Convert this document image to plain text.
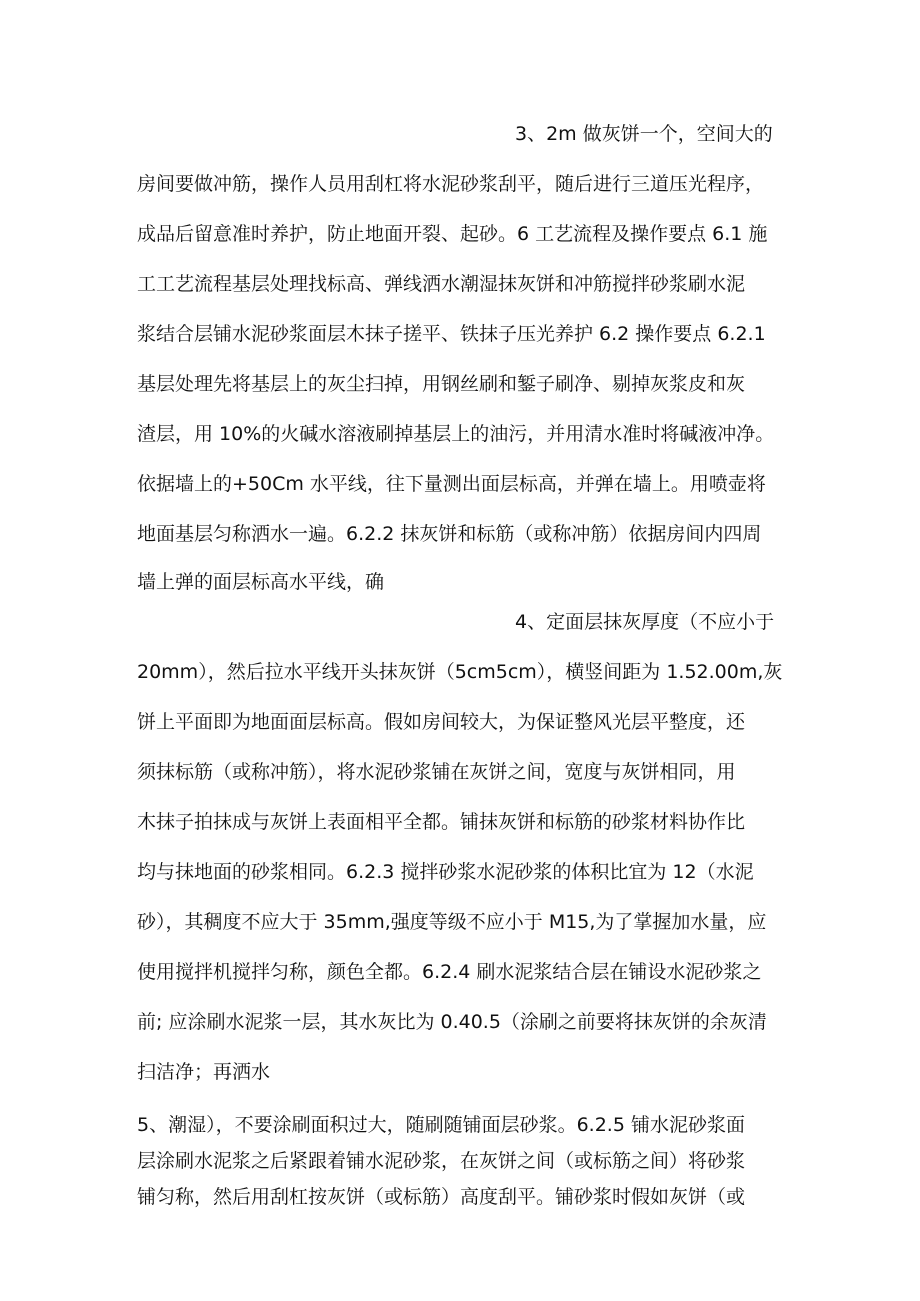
3、2m 做灰饼一个，空间大的
房间要做冲筋，操作人员用刮杠将水泥砂浆刮平，随后进行三道压光程序，
成品后留意准时养护，防止地面开裂、起砂。6 工艺流程及操作要点 6.1 施
工工艺流程基层处理找标高、弹线洒水潮湿抹灰饼和冲筋搅拌砂浆刷水泥
浆结合层铺水泥砂浆面层木抹子搓平、铁抹子压光养护 6.2 操作要点 6.2.1
基层处理先将基层上的灰尘扫掉，用钢丝刷和錾子刷净、剔掉灰浆皮和灰
渣层，用 10%的火碱水溶液刷掉基层上的油污，并用清水准时将碱液冲净。
依据墙上的+50Cm 水平线，往下量测出面层标高，并弹在墙上。用喷壶将
地面基层匀称洒水一遍。6.2.2 抹灰饼和标筋（或称冲筋）依据房间内四周
墙上弹的面层标高水平线，确
4、定面层抹灰厚度（不应小于
20mm），然后拉水平线开头抹灰饼（5cm5cm），横竖间距为 1.52.00m,灰
饼上平面即为地面面层标高。假如房间较大，为保证整风光层平整度，还
须抹标筋（或称冲筋），将水泥砂浆铺在灰饼之间，宽度与灰饼相同，用
木抹子拍抹成与灰饼上表面相平全都。铺抹灰饼和标筋的砂浆材料协作比
均与抹地面的砂浆相同。6.2.3 搅拌砂浆水泥砂浆的体积比宜为 12（水泥
砂），其稠度不应大于 35mm,强度等级不应小于 M15,为了掌握加水量，应
使用搅拌机搅拌匀称，颜色全都。6.2.4 刷水泥浆结合层在铺设水泥砂浆之
前; 应涂刷水泥浆一层，其水灰比为 0.40.5（涂刷之前要将抹灰饼的余灰清
扫洁净；再洒水
5、潮湿），不要涂刷面积过大，随刷随铺面层砂浆。6.2.5 铺水泥砂浆面
层涂刷水泥浆之后紧跟着铺水泥砂浆，在灰饼之间（或标筋之间）将砂浆
铺匀称，然后用刮杠按灰饼（或标筋）高度刮平。铺砂浆时假如灰饼（或
